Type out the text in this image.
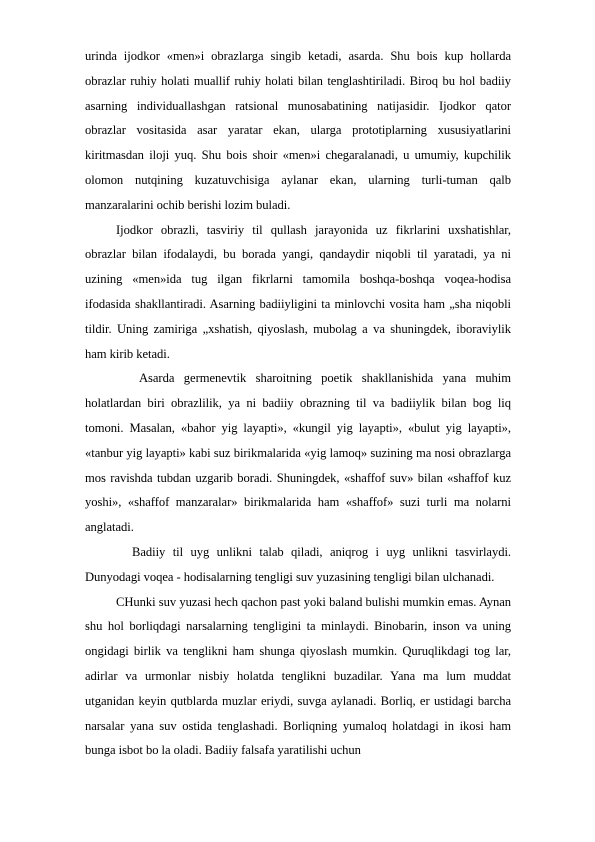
urinda ijodkor «men»i obrazlarga singib ketadi, asarda. Shu bois kup hollarda obrazlar ruhiy holati muallif ruhiy holati bilan tenglashtiriladi. Biroq bu hol badiiy asarning individuallashgan ratsional munosabatining natijasidir. Ijodkor qator obrazlar vositasida asar yaratar ekan, ularga prototiplarning xususiyatlarini kiritmasdan iloji yuq. Shu bois shoir «men»i chegaralanadi, u umumiy, kupchilik olomon nutqining kuzatuvchisiga aylanar ekan, ularning turli-tuman qalb manzaralarini ochib berishi lozim buladi.

Ijodkor obrazli, tasviriy til qullash jarayonida uz fikrlarini uxshatishlar, obrazlar bilan ifodalaydi, bu borada yangi, qandaydir niqobli til yaratadi, ya ni uzining «men»ida tug ilgan fikrlarni tamomila boshqa-boshqa voqea-hodisa ifodasida shakllantiradi. Asarning badiiyligini ta minlovchi vosita ham „sha niqobli tildir. Uning zamiriga „xshatish, qiyoslash, mubolag a va shuningdek, iboraviylik ham kirib ketadi.

Asarda germenevtik sharoitning poetik shakllanishida yana muhim holatlardan biri obrazlilik, ya ni badiiy obrazning til va badiiylik bilan bog liq tomoni. Masalan, «bahor yig layapti», «kungil yig layapti», «bulut yig layapti», «tanbur yig layapti» kabi suz birikmalarida «yig lamoq» suzining ma nosi obrazlarga mos ravishda tubdan uzgarib boradi. Shuningdek, «shaffof suv» bilan «shaffof kuz yoshi», «shaffof manzaralar» birikmalarida ham «shaffof» suzi turli ma nolarni anglatadi.

Badiiy til uyg unlikni talab qiladi, aniqrog i uyg unlikni tasvirlaydi. Dunyodagi voqea - hodisalarning tengligi suv yuzasining tengligi bilan ulchanadi.

CHunki suv yuzasi hech qachon past yoki baland bulishi mumkin emas. Aynan shu hol borliqdagi narsalarning tengligini ta minlaydi. Binobarin, inson va uning ongidagi birlik va tenglikni ham shunga qiyoslash mumkin. Quruqlikdagi tog lar, adirlar va urmonlar nisbiy holatda tenglikni buzadilar. Yana ma lum muddat utganidan keyin qutblarda muzlar eriydi, suvga aylanadi. Borliq, er ustidagi barcha narsalar yana suv ostida tenglashadi. Borliqning yumaloq holatdagi in ikosi ham bunga isbot bo la oladi. Badiiy falsafa yaratilishi uchun
